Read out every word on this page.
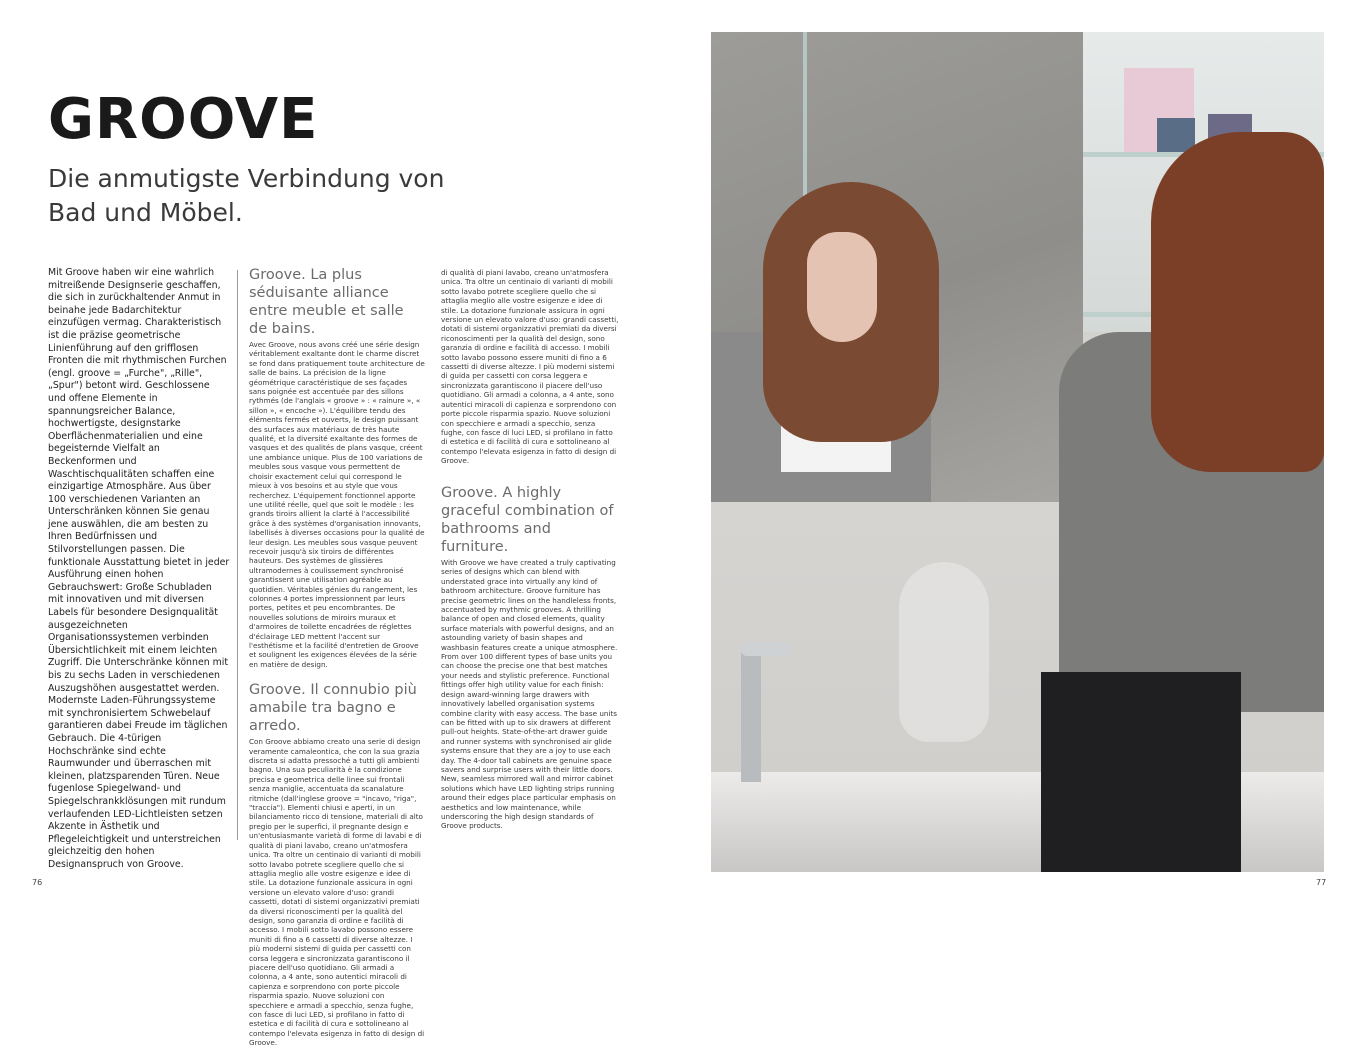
GROOVE
Die anmutigste Verbindung von Bad und Möbel.

Mit Groove haben wir eine wahrlich mitreißende Designserie geschaffen, die sich in zurückhaltender Anmut in beinahe jede Badarchitektur einzufügen vermag. Charakteristisch ist die präzise geometrische Linienführung auf den grifflosen Fronten die mit rhythmischen Furchen (engl. groove = „Furche", „Rille", „Spur") betont wird. Geschlossene und offene Elemente in spannungsreicher Balance, hochwertigste, designstarke Oberflächenmaterialien und eine begeisternde Vielfalt an Beckenformen und Waschtischqualitäten schaffen eine einzigartige Atmosphäre. Aus über 100 verschiedenen Varianten an Unterschränken können Sie genau jene auswählen, die am besten zu Ihren Bedürfnissen und Stilvorstellungen passen. Die funktionale Ausstattung bietet in jeder Ausführung einen hohen Gebrauchswert: Große Schubladen mit innovativen und mit diversen Labels für besondere Designqualität ausgezeichneten Organisationssystemen verbinden Übersichtlichkeit mit einem leichten Zugriff. Die Unterschränke können mit bis zu sechs Laden in verschiedenen Auszugshöhen ausgestattet werden. Modernste Laden-Führungssysteme mit synchronisiertem Schwebelauf garantieren dabei Freude im täglichen Gebrauch. Die 4-türigen Hochschränke sind echte Raumwunder und überraschen mit kleinen, platzsparenden Türen. Neue fugenlose Spiegelwand- und Spiegelschrankklösungen mit rundum verlaufenden LED-Lichtleisten setzen Akzente in Ästhetik und Pflegeleichtigkeit und unterstreichen gleichzeitig den hohen Designanspruch von Groove.

Groove. La plus séduisante alliance entre meuble et salle de bains.

Avec Groove, nous avons créé une série design véritablement exaltante dont le charme discret se fond dans pratiquement toute architecture de salle de bains. La précision de la ligne géométrique caractéristique de ses façades sans poignée est accentuée par des sillons rythmés (de l'anglais « groove » : « rainure », « sillon », « encoche »). L'équilibre tendu des éléments fermés et ouverts, le design puissant des surfaces aux matériaux de très haute qualité, et la diversité exaltante des formes de vasques et des qualités de plans vasque, créent une ambiance unique. Plus de 100 variations de meubles sous vasque vous permettent de choisir exactement celui qui correspond le mieux à vos besoins et au style que vous recherchez. L'équipement fonctionnel apporte une utilité réelle, quel que soit le modèle : les grands tiroirs allient la clarté à l'accessibilité grâce à des systèmes d'organisation innovants, labellisés à diverses occasions pour la qualité de leur design. Les meubles sous vasque peuvent recevoir jusqu'à six tiroirs de différentes hauteurs. Des systèmes de glissières ultramodernes à coulissement synchronisé garantissent une utilisation agréable au quotidien. Véritables génies du rangement, les colonnes 4 portes impressionnent par leurs portes, petites et peu encombrantes. De nouvelles solutions de miroirs muraux et d'armoires de toilette encadrées de réglettes d'éclairage LED mettent l'accent sur l'esthétisme et la facilité d'entretien de Groove et soulignent les exigences élevées de la série en matière de design.

Groove. Il connubio più amabile tra bagno e arredo.

Con Groove abbiamo creato una serie di design veramente camaleontica, che con la sua grazia discreta si adatta pressoché a tutti gli ambienti bagno. Una sua peculiarità è la condizione precisa e geometrica delle linee sui frontali senza maniglie, accentuata da scanalature ritmiche (dall'inglese groove = "incavo, "riga", "traccia"). Elementi chiusi e aperti, in un bilanciamento ricco di tensione, materiali di alto pregio per le superfici, il pregnante design e un'entusiasmante varietà di forme di lavabi e di qualità di piani lavabo, creano un'atmosfera unica. Tra oltre un centinaio di varianti di mobili sotto lavabo potrete scegliere quello che si attaglia meglio alle vostre esigenze e idee di stile. La dotazione funzionale assicura in ogni versione un elevato valore d'uso: grandi cassetti, dotati di sistemi organizzativi premiati da diversi riconoscimenti per la qualità del design, sono garanzia di ordine e facilità di accesso. I mobili sotto lavabo possono essere muniti di fino a 6 cassetti di diverse altezze. I più moderni sistemi di guida per cassetti con corsa leggera e sincronizzata garantiscono il piacere dell'uso quotidiano. Gli armadi a colonna, a 4 ante, sono autentici miracoli di capienza e sorprendono con porte piccole risparmia spazio. Nuove soluzioni con specchiere e armadi a specchio, senza fughe, con fasce di luci LED, si profilano in fatto di estetica e di facilità di cura e sottolineano al contempo l'elevata esigenza in fatto di design di Groove.

di qualità di piani lavabo, creano un'atmosfera unica. Tra oltre un centinaio di varianti di mobili sotto lavabo potrete scegliere quello che si attaglia meglio alle vostre esigenze e idee di stile. La dotazione funzionale assicura in ogni versione un elevato valore d'uso: grandi cassetti, dotati di sistemi organizzativi premiati da diversi riconoscimenti per la qualità del design, sono garanzia di ordine e facilità di accesso. I mobili sotto lavabo possono essere muniti di fino a 6 cassetti di diverse altezze. I più moderni sistemi di guida per cassetti con corsa leggera e sincronizzata garantiscono il piacere dell'uso quotidiano. Gli armadi a colonna, a 4 ante, sono autentici miracoli di capienza e sorprendono con porte piccole risparmia spazio. Nuove soluzioni con specchiere e armadi a specchio, senza fughe, con fasce di luci LED, si profilano in fatto di estetica e di facilità di cura e sottolineano al contempo l'elevata esigenza in fatto di design di Groove.

Groove. A highly graceful combination of bathrooms and furniture.

With Groove we have created a truly captivating series of designs which can blend with understated grace into virtually any kind of bathroom architecture. Groove furniture has precise geometric lines on the handleless fronts, accentuated by mythmic grooves. A thrilling balance of open and closed elements, quality surface materials with powerful designs, and an astounding variety of basin shapes and washbasin features create a unique atmosphere. From over 100 different types of base units you can choose the precise one that best matches your needs and stylistic preference. Functional fittings offer high utility value for each finish: design award-winning large drawers with innovatively labelled organisation systems combine clarity with easy access. The base units can be fitted with up to six drawers at different pull-out heights. State-of-the-art drawer guide and runner systems with synchronised air glide systems ensure that they are a joy to use each day. The 4-door tall cabinets are genuine space savers and surprise users with their little doors. New, seamless mirrored wall and mirror cabinet solutions which have LED lighting strips running around their edges place particular emphasis on aesthetics and low maintenance, while underscoring the high design standards of Groove products.

76	77
